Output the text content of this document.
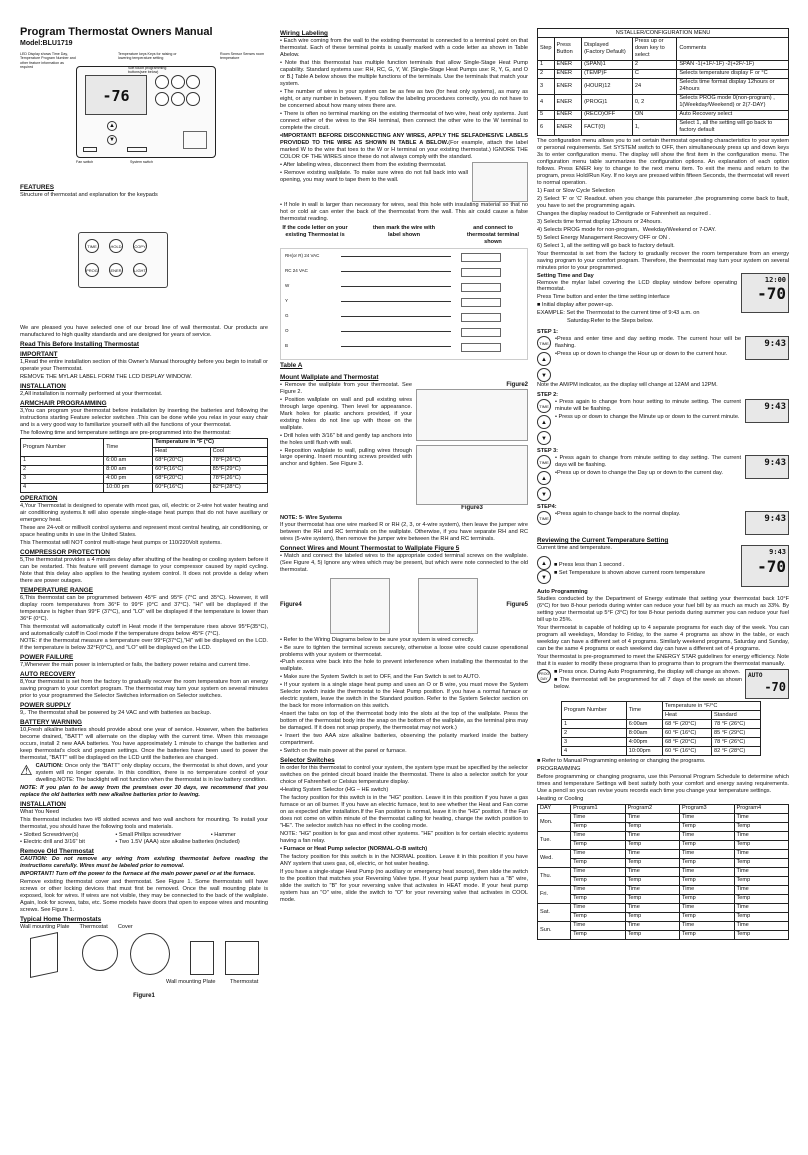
Program Thermostat Owners Manual
Model:BLU1719
-76

▲
▼
LED Display shows Time Day, Temperature Program Number and other feature information as required
Temperature keys Keys for raising or lowering temperature setting
Soft touch programming buttons(see below)
Room Sensor Senses room temperature
Fan switch	System switch
FEATURES

Structure of thermostat and explanation for the keypads

TIME	HOLD	COPY
PROG	ENER	LIGHT

We are pleased you have selected one of our broad line of wall thermostat. Our products are manufactured to high quality standards and are designed for years of service.

Read This Before Installing Thermostat
IMPORTANT

1,Read the entire installation section of this Owner's Manual thoroughly before you begin to install or operate your Thermostat.

REMOVE THE MYLAR LABEL FORM THE LCD DISPLAY WINDOW.

INSTALLATION

2,All installation is normally performed at your thermostat.

ARMCHAIR PROGRAMMING

3,You can program your thermostat before installation by inserting the batteries and following the instructions starting Feature selector switches .This can be done while you relax in your easy chair and is a very good way to familiarize yourself with all the functions of your thermostat.

The following time and temperature settings are pre-programmed into the thermostat:

Program Number	Time	Temperature in °F (°C)	
		Heat	Cool
1	6:00 am	68°F(20°C)	78°F(26°C)
2	8:00 am	60°F(16°C)	85°F(29°C)
3	4:00 pm	68°F(20°C)	78°F(26°C)
4	10:00 pm	60°F(16°C)	82°F(28°C)
OPERATION

4,Your Thermostat is designed to operate with most gas, oil, electric or 2-wire hot water heating and air conditioning systems.It will also operate single-stage heat pumps that do not have auxiliary or emergency heat.

These are 24-volt or millivolt control systems and represent most central heating, air conditioning, or space heating units in use in the United States.

This Thermostat will NOT control multi-stage heat pumps or 110/220Volt systems.

COMPRESSOR PROTECTION

5,The thermostat provides a 4 minutes delay after shutting of the heating or cooling system before it can be restarted. This feature will prevent damage to your compressor caused by rapid cycling. Note that this delay also applies to the heating system control. It does not provide a delay when there are power outages.

TEMPERATURE RANGE

6,This thermostat can be programmed between 45°F and 95°F (7°C and 35°C). However, it will display room temperatures from 36°F to 99°F (0°C and 37°C). "Hi" will be displayed if the temperature is higher than 99°F (37°C), and "LO" will be displayed if the temperature is lower than 36°F (0°C).

This thermostat will automatically cutoff in Heat mode if the temperature rises above 95°F(35°C), and automatically cutoff in Cool mode if the temperature drops below 45°F (7°C).

NOTE: if the thermostat measure a temperature over 99°F(37°C),"Hi" will be displayed on the LCD. if the temperature is below 32°F(0°C), and "LO" will be displayed on the LCD.

POWER FAILURE

7,Whenever the main power is interrupted or fails, the battery power retains and current time.

AUTO RECOVERY

8,Your thermostat is set from the factory to gradually recover the room temperature from an energy saving program to your comfort program. The thermostat may turn your system on several minutes prior to your programmed the Selector Switches information on Selector switches.

POWER SUPPLY

9,. The thermostat shall be powered by 24 VAC and with batteries as backup.

BATTERY WARNING

10,Fresh alkaline batteries should provide about one year of service. However, when the batteries become drained, "BATT" will alternate on the display with the current time. When this message occurs, install 2 new AAA batteries. You have approximately 1 minute to change the batteries and keep thermostat's clock and program settings. Once the batteries have been used to power the thermostat, "BATT" will be displayed on the LCD until the batteries are changed.

⚠ CAUTION: Once only the "BATT" only display occurs, the thermostat is shut down, and your system will no longer operate. In this condition, there is no temperature control of your dwelling.NOTE: The backlight will not function when the thermostat is in low battery condition.

NOTE: If you plan to be away from the premises over 30 days, we recommend that you replace the old batteries with new alkaline batteries prior to leaving.

INSTALLATION

What You Need

This thermostat includes two #8 slotted screws and two wall anchors for mounting. To install your thermostat, you should have the following tools and materials.

• Slotted Screwdriver(s)	• Small Philips screwdriver	• Hammer
• Electric drill and 3/16" bit	• Two 1.5V (AAA) size alkaline batteries (included)
Remove Old Thermostat

CAUTION: Do not remove any wiring from existing thermostat before reading the instructions carefully. Wires must be labeled prior to removal.

INPORTANT! Turn off the power to the furnace at the main power panel or at the furnace.

Remove existing thermostat cover and thermostat. See Figure 1. Some thermostats will have screws or other locking devices that must first be removed. Once the wall mounting plate is exposed, look for wires. If wires are not visible, they may be connected to the back of the wallplate. Again, look for screws, tabs, etc. Some models have doors that open to expose wires and mounting screws. See Figure 1.

Typical Home Thermostats
Wall mounting Plate Thermostat Cover
Wall mounting Plate	Thermostat
Figure1
Wiring Labeling

• Each wire coming from the wall to the existing thermostat is connected to a terminal point on that thermostat. Each of these terminal points is usually marked with a code letter as shown in Table Abelow.

• Note that this thermostat has multiple function terminals that allow Single-Stage Heat Pump capability. Standard systems use: RH, RC, G, Y, W. [Single-Stage Heat Pumps use: R, Y, G, and O or B.] Table A below shows the multiple functions of the terminals. Use the terminals that match your system.

• The number of wires in your system can be as few as two (for heat only systems), as many as eight, or any number in between. If you follow the labeling procedures correctly, you do not have to be concerned about how many wires there are.

• There is often no terminal marking on the existing thermostat of two wire, heat only systems. Just connect either of the wires to the RH terminal, then connect the other wire to the W terminal to complete the circuit.

•IMPORTANT! BEFORE DISCONNECTING ANY WIRES, APPLY THE SELFADHESIVE LABELS PROVIDED TO THE WIRE AS SHOWN IN TABLE A BELOW.(For example, attach the label marked W to the wire that toes to the W or H terminal on your existing thermostat.) IGNORE THE COLOR OF THE WIRES since these do not always comply with the standard.

• After labeling wires, disconnect them from the existing thermostat.

• Remove existing wallplate. To make sure wires do not fall back into wall opening, you may want to tape them to the wall.

• If hole in wall is larger than necessary for wires, seal this hole with insulating material so that no hot or cold air can enter the back of the thermostat from the wall. This air could cause a false thermostat reading.

If the code letter on your existing Thermostat is
then mark the wire with label shown
and connect to thermostat terminal shown
RH(or R) 24 VAC
RC 24 VAC
W
Y
G
O
B
Table A
Mount Wallplate and Thermostat

• Remove the wallplate from your thermostat. See Figure 2.

• Position wallplate on wall and pull existing wires through large opening. Then level for appearance. Mark holes for plastic anchors provided, if your existing holes do not line up with those on the wallplate.

• Drill holes with 3/16" bit and gently tap anchors into the holes until flush with wall.

• Reposition wallplate to wall, pulling wires through large opening. Insert mounting screws provided with anchor and tighten. See Figure 3.

Figure2
Figure3
NOTE: 5- Wire Systems

If your thermostat has one wire marked R or RH (2, 3, or 4-wire system), then leave the jumper wire between the RH and RC terminals on the wallplate. Otherwise, if you have separate RH and RC wires (5-wire system), then remove the jumper wire between the RH and RC terminals.

Connect Wires and Mount Thermostat to Wallplate Figure 5

• Match and connect the labeled wires to the appropriate coded terminal screws on the wallplate. (See Figure 4, 5) Ignore any wires which may be present, but which were note connected to the old thermostat.

Figure4	Figure5

• Refer to the Wiring Diagrams below to be sure your system is wired correctly.

• Be sure to tighten the terminal screws securely, otherwise a loose wire could cause operational problems with your system or thermostat.

•Push excess wire back into the hole to prevent interference when installing the thermostat to the wallplate.

• Make sure the System Switch is set to OFF, and the Fan Switch is set to AUTO.

• If your system is a single stage heat pump and uses an O or B wire, you must move the System Selector switch inside the thermostat to the Heat Pump position. If you have a normal furnace or electric system, leave the switch in the Standard position. Refer to the System Selector section on the back for more information on this switch.

•Insert the tabs on top of the thermostat body into the slots at the top of the wallplate. Press the bottom of the thermostat body into the snap on the bottom of the wallplate, as the terminal pins may be damaged. If it does not snap properly, the thermostat may not work.)

• Insert the two AAA size alkaline batteries, observing the polarity marked inside the battery compartment.

• Switch on the main power at the panel or furnace.

Selector Switches

In order for this thermostat to control your system, the system type must be specified by the selector switches on the printed circuit board inside the thermostat. There is also a selector switch for your choice of Fahrenheit or Celsius temperature display.

•Heating System Selector (HG – HE switch)

The factory position for this switch is in the "HG" position. Leave it in this position if you have a gas furnace or an oil burner. If you have an electric furnace, test to see whether the Heat and Fan come on as expected after installation.If the Fan position is normal, leave it in the "HG" position. If the Fan does not come on within minute of the thermostat calling for heating, change the switch position to "HE". The selector switch has no effect in the cooling mode.

NOTE: "HG" position is for gas and most other systems. "HE" position is for certain electric systems having a fan relay.

• Furnace or Heat Pump selector (NORMAL-O-B switch)

The factory position for this switch is in the NORMAL position. Leave it in this position if you have ANY system that uses gas, oil, electric, or hot water heating.

If you have a single-stage Heat Pump (no auxiliary or emergency heat source), then slide the switch to the position that matches your Reversing Valve type. If your heat pump system has a "B" wire, slide the switch to "B" for your reversing valve that activates in HEAT mode. If your heat pump system has an "O" wire, slide the switch to "O" for your reversing valve that activates in COOL mode.

NSTALLER/CONFIGURATION MENU				
Step	Press Button	Displayed (Factory Default)	Press up or down key to select	Comments
1	ENER	(SPAN)1	2	SPAN -1(+1F/-1F) -2(+2F/-1F)
2	ENER	(TEMP)F	C	Selects temperature display F or °C
3	ENER	(HOUR)12	24	Selects time format display 12hours or 24hours
4	ENER	(PROG)1	0, 2	Selects PROG mode 0(non-program) , 1(Weekday/Weekend) or 2(7-DAY)
5	ENER	(RECO)OFF	ON	Auto Recovery select
6	ENER	FACT(0)	1,	Select 1, all the setting will go back to factory default

The configuration menu allows you to set certain thermostat operating characteristics to your system or personal requirements. Set SYSTEM switch to OFF, then simultaneously press up and down keys 3s to enter configuration menu. The display will show the first item in the configuration menu. The configuration menu table summarizes the configuration options. An explanation of each option follows. Press ENER key to change to the next menu item. To exit the menu and return to the program, press Hold/Run Key. If no keys are pressed within fifteen Seconds, the thermostat will revert to normal operation.

1) Fast or Slow Cycle Selection

2) Select 'F' or 'C' Readout. when you change this parameter ,the programming come back to fault, you have to set the programming again.

Changes the display readout to Centigrade or Fahrenheit as required .

3) Selects time format display 12hours or 24hours.

4) Selects PROG mode for non-program、Weekday/Weekend or 7-DAY.

5) Select Energy Management Recovery OFF or ON .

6) Select 1, all the setting will go back to factory default.

Your thermostat is set from the factory to gradually recover the room temperature from an energy saving program to your comfort program. Therefore, the thermostat may turn your system on several minutes prior to your programmed.

Setting Time and Day

Remove the mylar label covering the LCD display window before operating thermostat.

Press Time button and enter the time setting interface

■ Initial display after power-up.

EXAMPLE: Set the Thermostat to the current time of 9:43 a.m. on

Saturday.Refer to the Steps below.

12:00
-70
STEP 1:
TIME
▲
▼

•Press and enter time and day setting mode. The current hour will be flashing.

•Press up or down to change the Hour up or down to the current hour.

9:43

Note the AM/PM indicator, as the display will change at 12AM and 12PM.

STEP 2:
TIME
▲
▼

• Press again to change from hour setting to minute setting. The current minute will be flashing.

• Press up or down to change the Minute up or down to the current minute.

9:43
STEP 3:
TIME
▲
▼

• Press again to change from minute setting to day setting. The current days will be flashing.

•Press up or down to change the Day up or down to the current day.

9:43
STEP4:
TIME

•Press again to change back to the normal display.	9:43
Reviewing the Current Temperature Setting

Current time and temperature.

▲
▼

■ Press less than 1 second .

■ Set Temperature is shown above current room temperature

9:43
-70
Auto Programming

Studies conducted by the Department of Energy estimate that setting your thermostat back 10°F (6°C) for two 8-hour periods during winter can reduce your fuel bill by as much as much as 33%. By setting your thermostat up 5°F (3°C) for tow 8-hour periods during summer you can reduce your fuel bill up to 25%.

Your thermostat is capable of holding up to 4 separate programs for each day of the week. You can program all weekdays, Monday to Friday, to the same 4 programs as show in the table, or each weekday can have a different set of 4 programs. Similarly weekend programs, Saturday and Sunday, can be the same 4 programs or each weekend day can have a different set of 4 programs.

Your thermostat is pre-programmed to meet the ENERGY STAR guidelines for energy efficiency. Note that it is easier to modify these programs than to programs than to program the thermostat manually.

PROG DAY

■ Press once. During Auto Programming, the display will change as shown.

■ The thermostat will be programmed for all 7 days of the week as shown below.

AUTO
-70
Program Number	Time	Temperature in °F/°C	
		Heat	Standard
1	6:00am	68 °F (20°C)	78 °F (26°C)
2	8:00am	60 °F (16°C)	85 °F (29°C)
3	4:00pm	68 °F (20°C)	78 °F (26°C)
4	10:00pm	60 °F (16°C)	82 °F (28°C)

■ Refer to Manual Programming entering or changing the programs.

PROGRAMMING

Before programming or changing programs, use this Personal Program Schedule to determine which times and temperature Settings will best satisfy both your comfort and energy saving requirements. Use a pencil so you can revise yours records each time you change your temperature settings.

Heating or Cooling

DAY	Program1	Program2	Program3	Program4
Mon.	Time	Time	Time	Time
	Temp	Temp	Temp	Temp
Tue.	Time	Time	Time	Time
	Temp	Temp	Temp	Temp
Wed.	Time	Time	Time	Time
	Temp	Temp	Temp	Temp
Thu.	Time	Time	Time	Time
	Temp	Temp	Temp	Temp
Fri.	Time	Time	Time	Time
	Temp	Temp	Temp	Temp
Sat.	Time	Time	Time	Time
	Temp	Temp	Temp	Temp
Sun.	Time	Time	Time	Time
	Temp	Temp	Temp	Temp
